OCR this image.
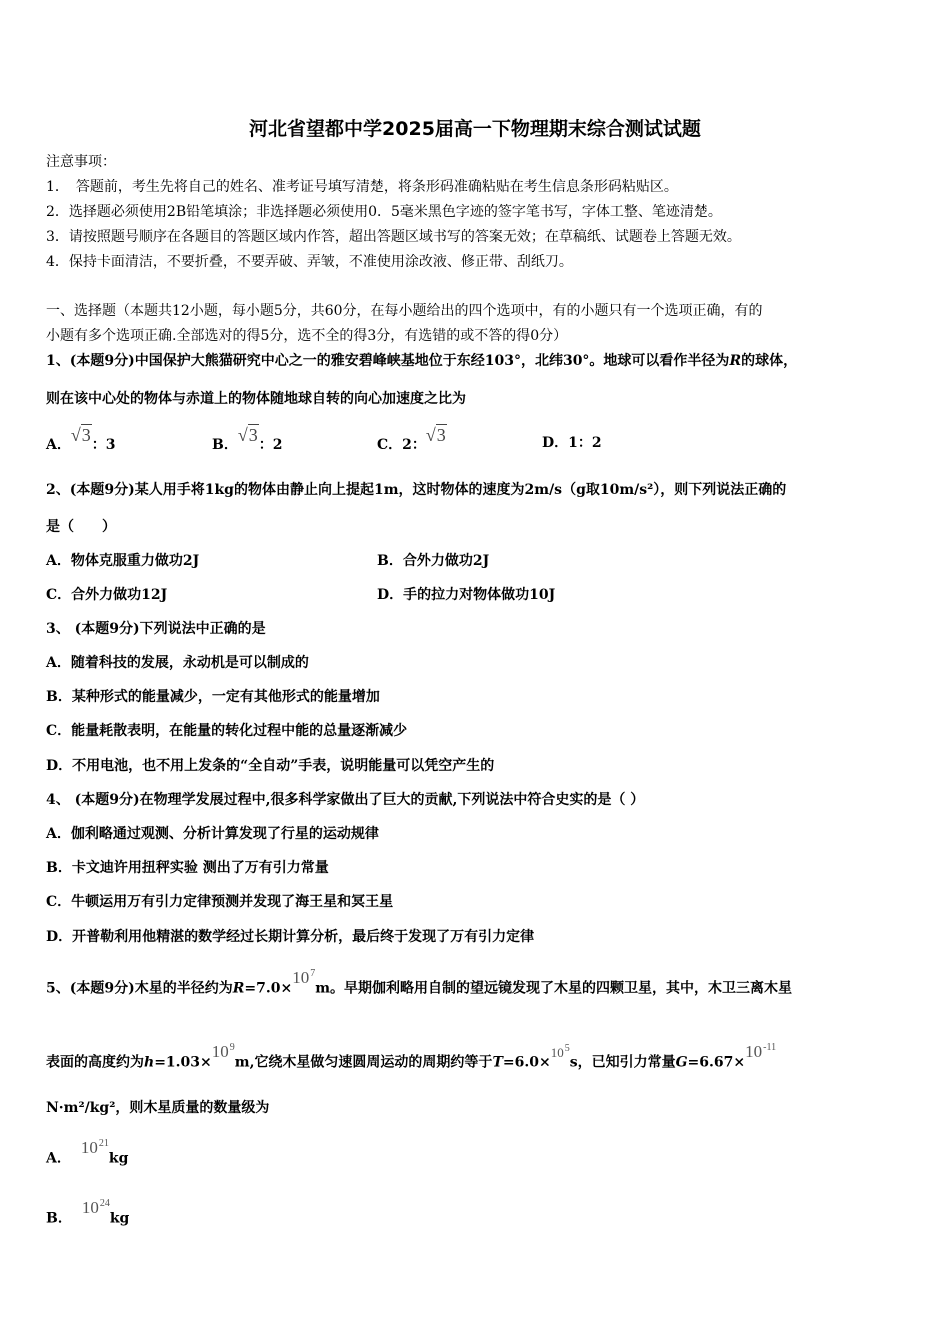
河北省望都中学2025届高一下物理期末综合测试试题
注意事项：
1．　答题前，考生先将自己的姓名、准考证号填写清楚，将条形码准确粘贴在考生信息条形码粘贴区。
2．选择题必须使用2B铅笔填涂；非选择题必须使用0．5毫米黑色字迹的签字笔书写，字体工整、笔迹清楚。
3．请按照题号顺序在各题目的答题区域内作答，超出答题区域书写的答案无效；在草稿纸、试题卷上答题无效。
4．保持卡面清洁，不要折叠，不要弄破、弄皱，不准使用涂改液、修正带、刮纸刀。
一、选择题（本题共12小题，每小题5分，共60分，在每小题给出的四个选项中，有的小题只有一个选项正确，有的
小题有多个选项正确.全部选对的得5分，选不全的得3分，有选错的或不答的得0分）
1、(本题9分)中国保护大熊猫研究中心之一的雅安碧峰峡基地位于东经103°，北纬30°。地球可以看作半径为R的球体，
则在该中心处的物体与赤道上的物体随地球自转的向心加速度之比为
A．√3：3	B．√3：2	C．2：√3	D．1：2
2、(本题9分)某人用手将1kg的物体由静止向上提起1m，这时物体的速度为2m/s（g取10m/s²），则下列说法正确的
是（　　）
A．物体克服重力做功2J	B．合外力做功2J
C．合外力做功12J	D．手的拉力对物体做功10J
3、 (本题9分)下列说法中正确的是
A．随着科技的发展，永动机是可以制成的
B．某种形式的能量减少，一定有其他形式的能量增加
C．能量耗散表明，在能量的转化过程中能的总量逐渐减少
D．不用电池，也不用上发条的“全自动”手表，说明能量可以凭空产生的
4、 (本题9分)在物理学发展过程中,很多科学家做出了巨大的贡献,下列说法中符合史实的是（ ）
A．伽利略通过观测、分析计算发现了行星的运动规律
B．卡文迪许用扭秤实验 测出了万有引力常量
C．牛顿运用万有引力定律预测并发现了海王星和冥王星
D．开普勒利用他精湛的数学经过长期计算分析，最后终于发现了万有引力定律
5、(本题9分)木星的半径约为$R=7.0\times 10^7m$。早期伽利略用自制的望远镜发现了木星的四颗卫星，其中，木卫三离木星
表面的高度约为$h=1.03\times 10^9m$,它绕木星做匀速圆周运动的周期约等于$T=6.0\times 10^5s$，已知引力常量$G=6.67\times 10^{-11}$
N·m²/kg²，则木星质量的数量级为
A．$10^{21}kg$
B．$10^{24}kg$
